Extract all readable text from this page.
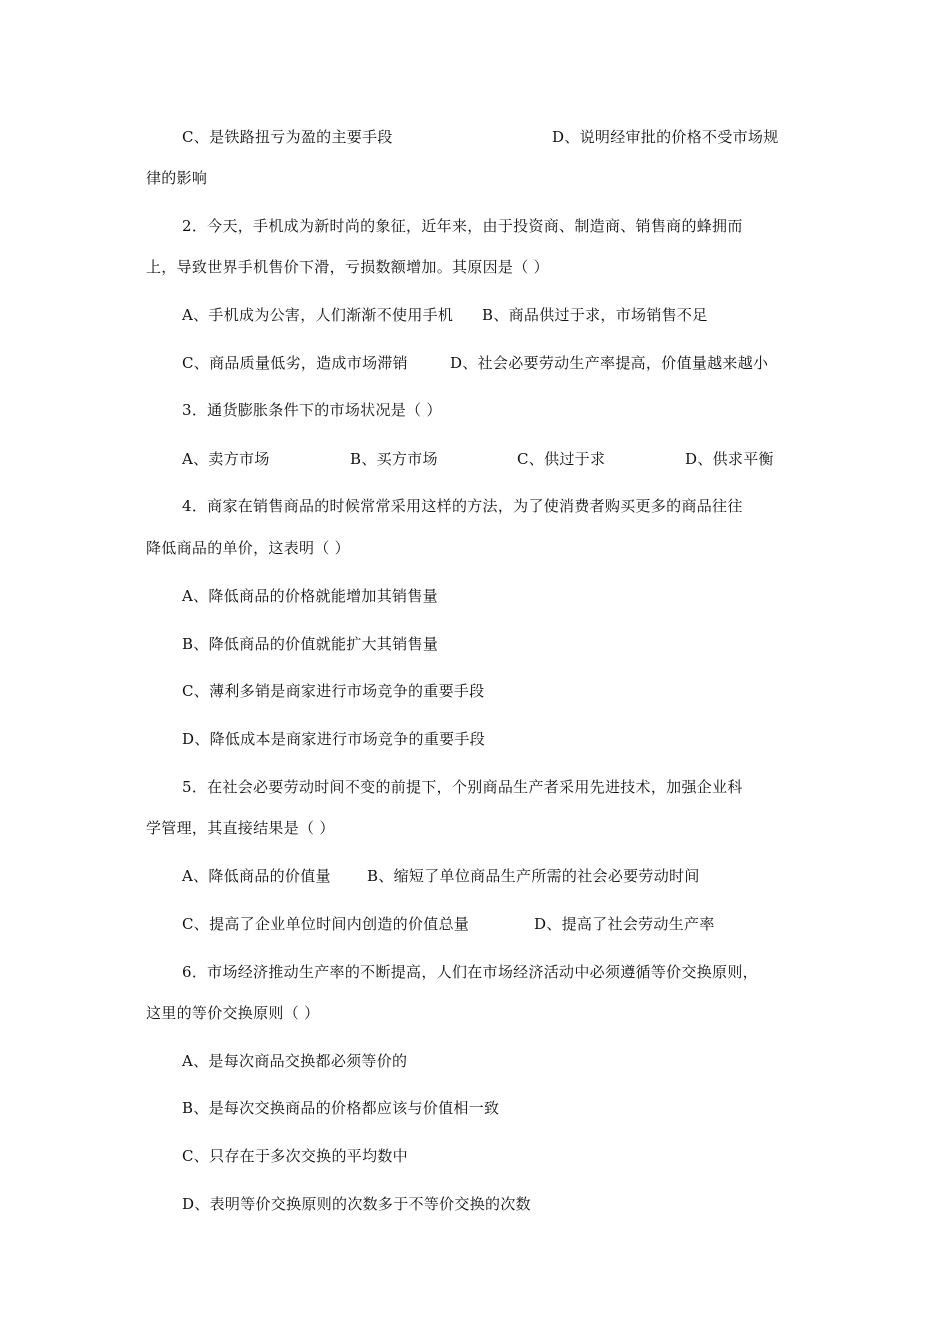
C、是铁路扭亏为盈的主要手段	D、说明经审批的价格不受市场规
律的影响
2．今天，手机成为新时尚的象征，近年来，由于投资商、制造商、销售商的蜂拥而
上，导致世界手机售价下滑，亏损数额增加。其原因是（ ）
A、手机成为公害，人们渐渐不使用手机 B、商品供过于求，市场销售不足
C、商品质量低劣，造成市场滞销	D、社会必要劳动生产率提高，价值量越来越小
3．通货膨胀条件下的市场状况是（ ）
A、卖方市场	B、买方市场	C、供过于求	D、供求平衡
4．商家在销售商品的时候常常采用这样的方法，为了使消费者购买更多的商品往往
降低商品的单价，这表明（ ）
A、降低商品的价格就能增加其销售量
B、降低商品的价值就能扩大其销售量
C、薄利多销是商家进行市场竞争的重要手段
D、降低成本是商家进行市场竞争的重要手段
5．在社会必要劳动时间不变的前提下，个别商品生产者采用先进技术，加强企业科
学管理，其直接结果是（ ）
A、降低商品的价值量 B、缩短了单位商品生产所需的社会必要劳动时间
C、提高了企业单位时间内创造的价值总量	D、提高了社会劳动生产率
6．市场经济推动生产率的不断提高，人们在市场经济活动中必须遵循等价交换原则，
这里的等价交换原则（ ）
A、是每次商品交换都必须等价的
B、是每次交换商品的价格都应该与价值相一致
C、只存在于多次交换的平均数中
D、表明等价交换原则的次数多于不等价交换的次数
